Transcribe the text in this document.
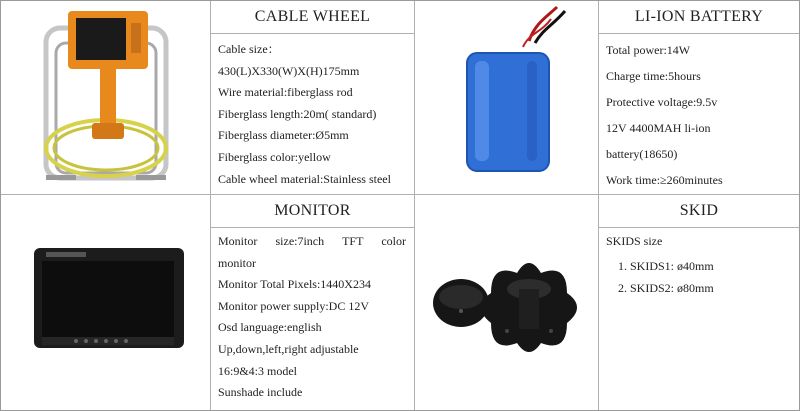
CABLE WHEEL
Cable size：
430(L)X330(W)X(H)175mm
Wire material:fiberglass rod
Fiberglass length:20m( standard)
Fiberglass diameter:Ø5mm
Fiberglass color:yellow
Cable wheel material:Stainless steel
LI-ION BATTERY
Total power:14W
Charge time:5hours
Protective voltage:9.5v
12V 4400MAH li-ion
battery(18650)
Work time:≥260minutes
MONITOR
Monitor size:7inch TFT color
monitor
Monitor Total Pixels:1440X234
Monitor power supply:DC 12V
Osd language:english
Up,down,left,right adjustable
16:9&4:3 model
Sunshade include
SKID
SKIDS size
1. SKIDS1: ø40mm
2. SKIDS2: ø80mm
